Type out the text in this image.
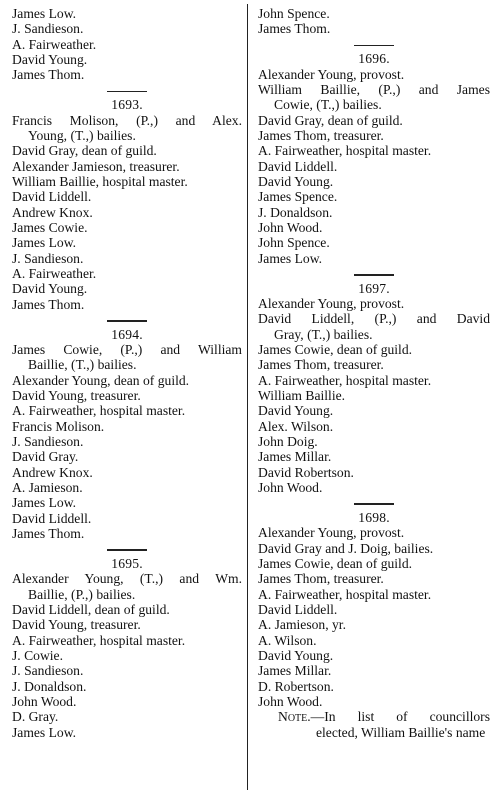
James Low.
J. Sandieson.
A. Fairweather.
David Young.
James Thom.
1693.
Francis Molison, (P.,) and Alex.
Young, (T.,) bailies.
David Gray, dean of guild.
Alexander Jamieson, treasurer.
William Baillie, hospital master.
David Liddell.
Andrew Knox.
James Cowie.
James Low.
J. Sandieson.
A. Fairweather.
David Young.
James Thom.
1694.
James Cowie, (P.,) and William
Baillie, (T.,) bailies.
Alexander Young, dean of guild.
David Young, treasurer.
A. Fairweather, hospital master.
Francis Molison.
J. Sandieson.
David Gray.
Andrew Knox.
A. Jamieson.
James Low.
David Liddell.
James Thom.
1695.
Alexander Young, (T.,) and Wm.
Baillie, (P.,) bailies.
David Liddell, dean of guild.
David Young, treasurer.
A. Fairweather, hospital master.
J. Cowie.
J. Sandieson.
J. Donaldson.
John Wood.
D. Gray.
James Low.
John Spence.
James Thom.
1696.
Alexander Young, provost.
William Baillie, (P.,) and James
Cowie, (T.,) bailies.
David Gray, dean of guild.
James Thom, treasurer.
A. Fairweather, hospital master.
David Liddell.
David Young.
James Spence.
J. Donaldson.
John Wood.
John Spence.
James Low.
1697.
Alexander Young, provost.
David Liddell, (P.,) and David
Gray, (T.,) bailies.
James Cowie, dean of guild.
James Thom, treasurer.
A. Fairweather, hospital master.
William Baillie.
David Young.
Alex. Wilson.
John Doig.
James Millar.
David Robertson.
John Wood.
1698.
Alexander Young, provost.
David Gray and J. Doig, bailies.
James Cowie, dean of guild.
James Thom, treasurer.
A. Fairweather, hospital master.
David Liddell.
A. Jamieson, yr.
A. Wilson.
David Young.
James Millar.
D. Robertson.
John Wood.
Note.—In list of councillors
elected, William Baillie's name
